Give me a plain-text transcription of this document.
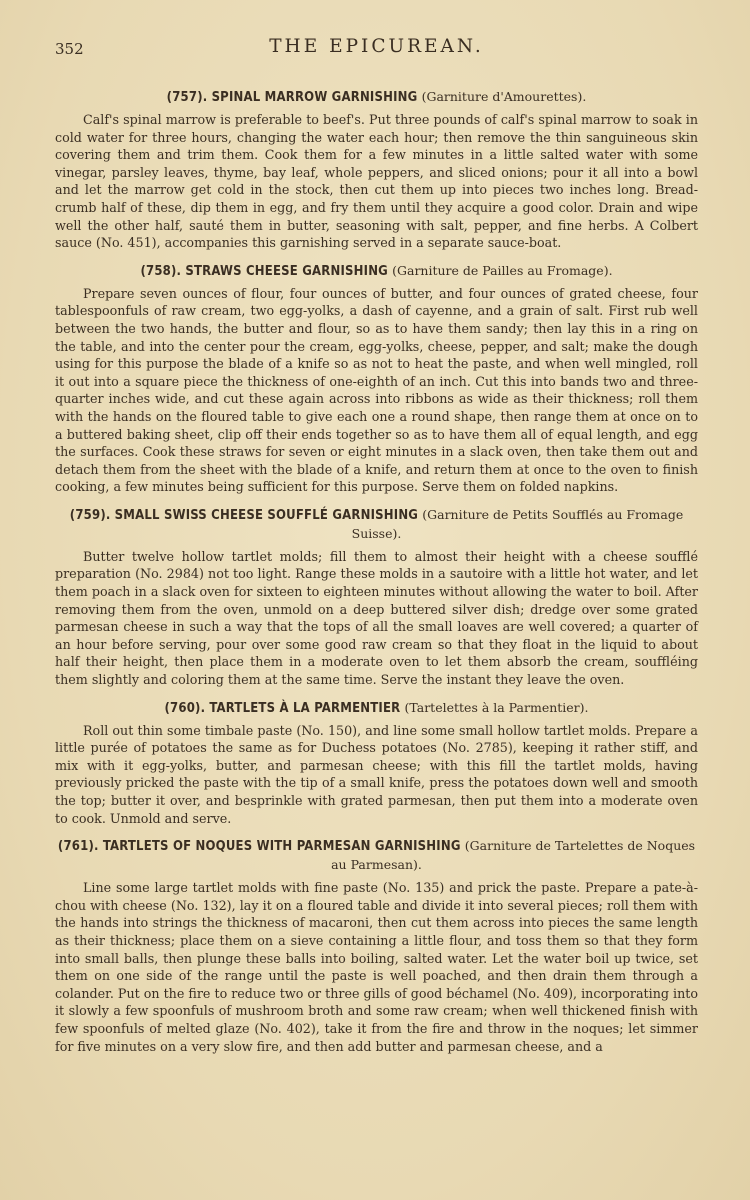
352	THE EPICUREAN.

(757). SPINAL MARROW GARNISHING (Garniture d'Amourettes).

Calf's spinal marrow is preferable to beef's. Put three pounds of calf's spinal marrow to soak in cold water for three hours, changing the water each hour; then remove the thin sanguineous skin covering them and trim them. Cook them for a few minutes in a little salted water with some vinegar, parsley leaves, thyme, bay leaf, whole peppers, and sliced onions; pour it all into a bowl and let the marrow get cold in the stock, then cut them up into pieces two inches long. Bread-crumb half of these, dip them in egg, and fry them until they acquire a good color. Drain and wipe well the other half, sauté them in butter, seasoning with salt, pepper, and fine herbs. A Colbert sauce (No. 451), accompanies this garnishing served in a separate sauce-boat.

(758). STRAWS CHEESE GARNISHING (Garniture de Pailles au Fromage).

Prepare seven ounces of flour, four ounces of butter, and four ounces of grated cheese, four tablespoonfuls of raw cream, two egg-yolks, a dash of cayenne, and a grain of salt. First rub well between the two hands, the butter and flour, so as to have them sandy; then lay this in a ring on the table, and into the center pour the cream, egg-yolks, cheese, pepper, and salt; make the dough using for this purpose the blade of a knife so as not to heat the paste, and when well mingled, roll it out into a square piece the thickness of one-eighth of an inch. Cut this into bands two and three-quarter inches wide, and cut these again across into ribbons as wide as their thickness; roll them with the hands on the floured table to give each one a round shape, then range them at once on to a buttered baking sheet, clip off their ends together so as to have them all of equal length, and egg the surfaces. Cook these straws for seven or eight minutes in a slack oven, then take them out and detach them from the sheet with the blade of a knife, and return them at once to the oven to finish cooking, a few minutes being sufficient for this purpose. Serve them on folded napkins.

(759). SMALL SWISS CHEESE SOUFFLÉ GARNISHING (Garniture de Petits Soufflés au Fromage Suisse).

Butter twelve hollow tartlet molds; fill them to almost their height with a cheese soufflé preparation (No. 2984) not too light. Range these molds in a sautoire with a little hot water, and let them poach in a slack oven for sixteen to eighteen minutes without allowing the water to boil. After removing them from the oven, unmold on a deep buttered silver dish; dredge over some grated parmesan cheese in such a way that the tops of all the small loaves are well covered; a quarter of an hour before serving, pour over some good raw cream so that they float in the liquid to about half their height, then place them in a moderate oven to let them absorb the cream, souffléing them slightly and coloring them at the same time. Serve the instant they leave the oven.

(760). TARTLETS À LA PARMENTIER (Tartelettes à la Parmentier).

Roll out thin some timbale paste (No. 150), and line some small hollow tartlet molds. Prepare a little purée of potatoes the same as for Duchess potatoes (No. 2785), keeping it rather stiff, and mix with it egg-yolks, butter, and parmesan cheese; with this fill the tartlet molds, having previously pricked the paste with the tip of a small knife, press the potatoes down well and smooth the top; butter it over, and besprinkle with grated parmesan, then put them into a moderate oven to cook. Unmold and serve.

(761). TARTLETS OF NOQUES WITH PARMESAN GARNISHING (Garniture de Tartelettes de Noques au Parmesan).

Line some large tartlet molds with fine paste (No. 135) and prick the paste. Prepare a pate-à-chou with cheese (No. 132), lay it on a floured table and divide it into several pieces; roll them with the hands into strings the thickness of macaroni, then cut them across into pieces the same length as their thickness; place them on a sieve containing a little flour, and toss them so that they form into small balls, then plunge these balls into boiling, salted water. Let the water boil up twice, set them on one side of the range until the paste is well poached, and then drain them through a colander. Put on the fire to reduce two or three gills of good béchamel (No. 409), incorporating into it slowly a few spoonfuls of mushroom broth and some raw cream; when well thickened finish with few spoonfuls of melted glaze (No. 402), take it from the fire and throw in the noques; let simmer for five minutes on a very slow fire, and then add butter and parmesan cheese, and a
